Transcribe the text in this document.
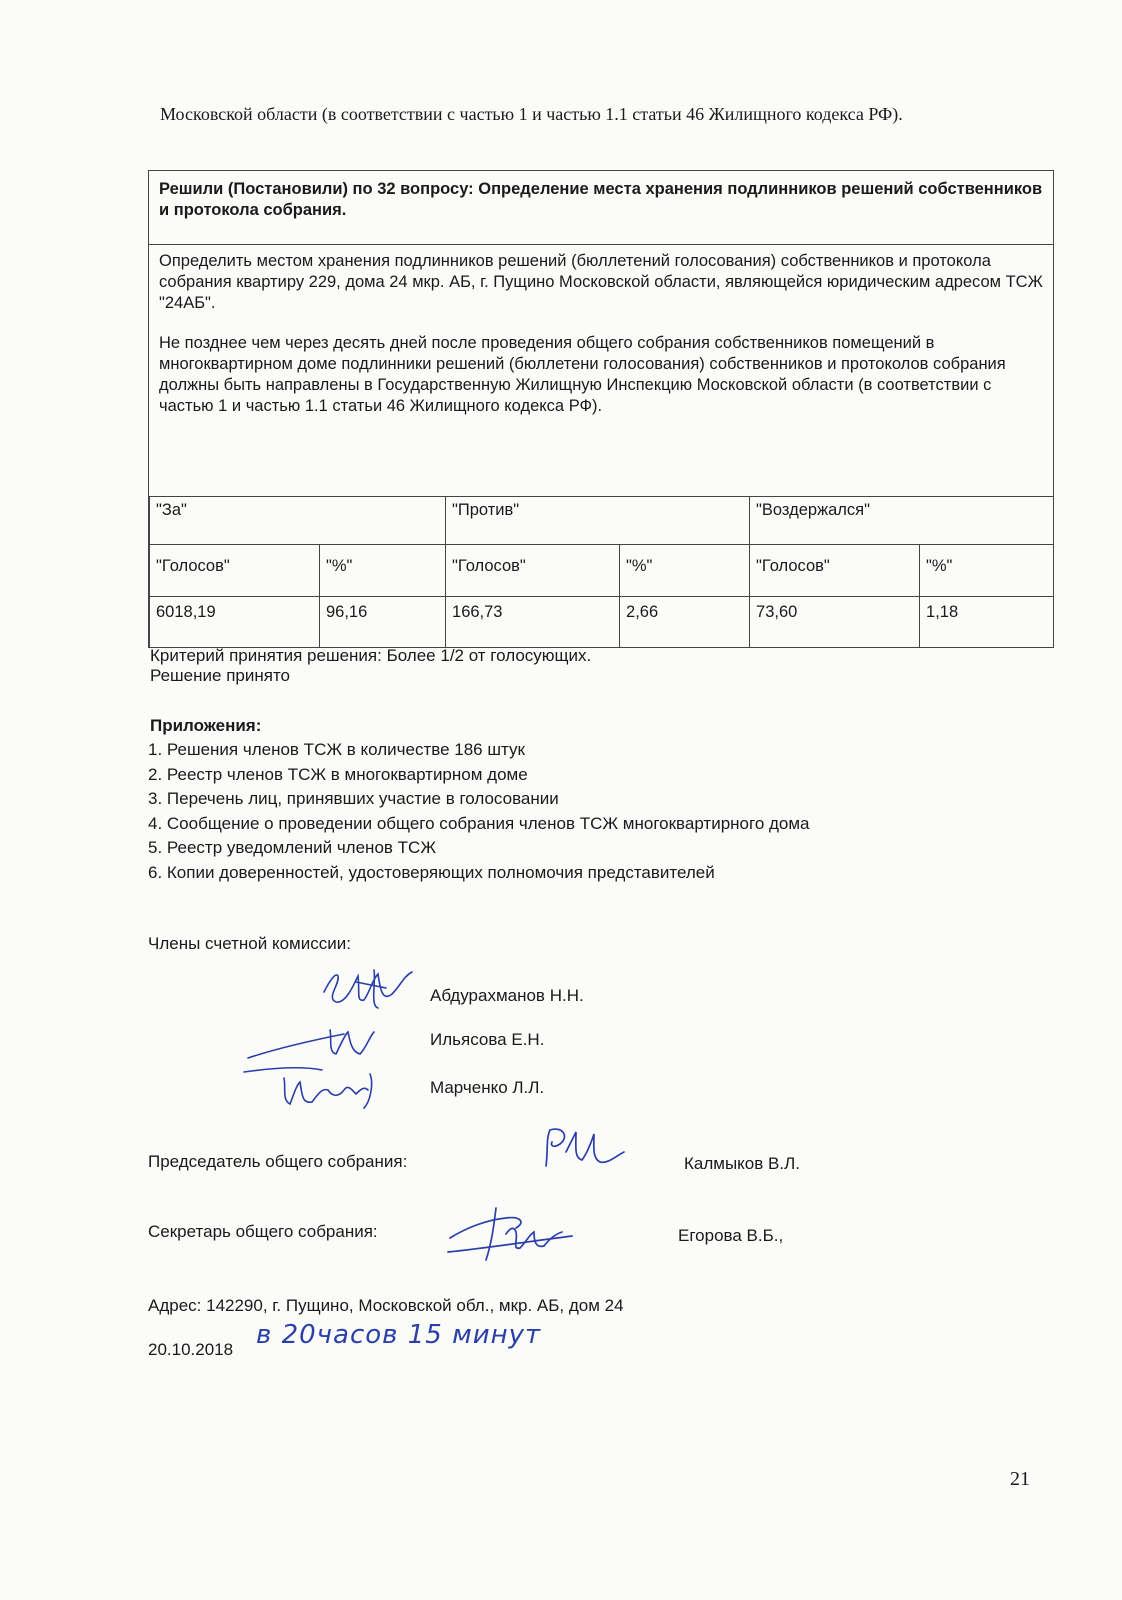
Московской области (в соответствии с частью 1 и частью 1.1 статьи 46 Жилищного кодекса РФ).
Решили (Постановили) по 32 вопросу: Определение места хранения подлинников решений собственников и протокола собрания.

Определить местом хранения подлинников решений (бюллетений голосования) собственников и протокола собрания квартиру 229, дома 24 мкр. АБ, г. Пущино Московской области, являющейся юридическим адресом ТСЖ "24АБ".

Не позднее чем через десять дней после проведения общего собрания собственников помещений в многоквартирном доме подлинники решений (бюллетени голосования) собственников и протоколов собрания должны быть направлены в Государственную Жилищную Инспекцию Московской области (в соответствии с частью 1 и частью 1.1 статьи 46 Жилищного кодекса РФ).

"За"		"Против"		"Воздержался"	
"Голосов"	"%"	"Голосов"	"%"	"Голосов"	"%"
6018,19	96,16	166,73	2,66	73,60	1,18
Критерий принятия решения: Более 1/2 от голосующих.
Решение принято
Приложения:
1. Решения членов ТСЖ в количестве 186 штук
2. Реестр членов ТСЖ в многоквартирном доме
3. Перечень лиц, принявших участие в голосовании
4. Сообщение о проведении общего собрания членов ТСЖ многоквартирного дома
5. Реестр уведомлений членов ТСЖ
6. Копии доверенностей, удостоверяющих полномочия представителей
Члены счетной комиссии:
Абдурахманов Н.Н.
Ильясова Е.Н.
Марченко Л.Л.
Председатель общего собрания:	Калмыков В.Л.
Секретарь общего собрания:	Егорова В.Б.,
Адрес: 142290, г. Пущино, Московской обл., мкр. АБ, дом 24
20.10.2018 в 20часов 15 минут
21
